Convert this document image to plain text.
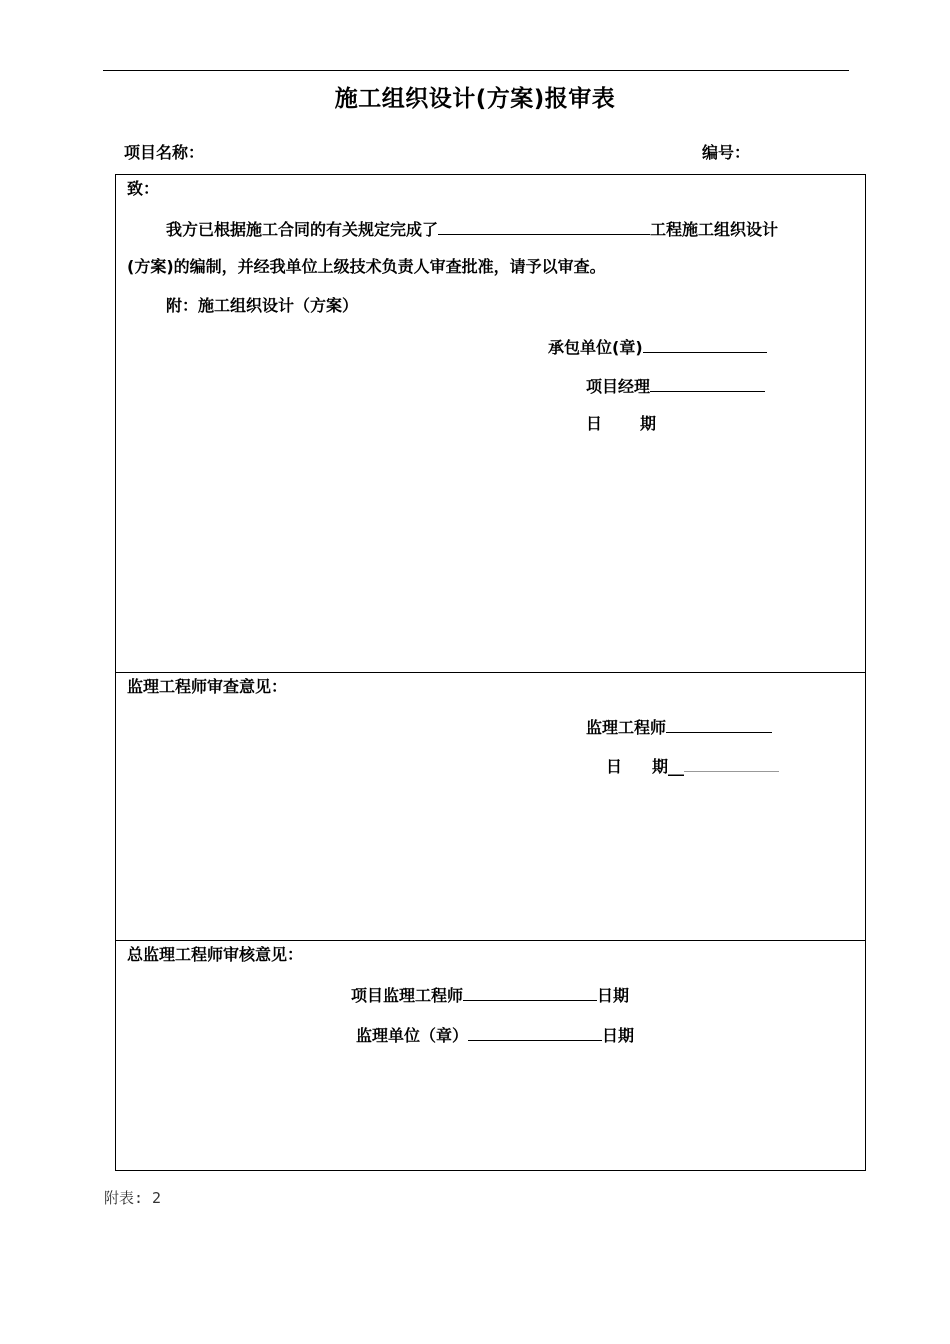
施工组织设计(方案)报审表
项目名称：	编号：
致：
我方已根据施工合同的有关规定完成了	工程施工组织设计
(方案)的编制，并经我单位上级技术负责人审查批准，请予以审查。
附：施工组织设计（方案）
承包单位(章)
项目经理
日 期
监理工程师审查意见：
监理工程师
日 期__
总监理工程师审核意见：
项目监理工程师	日期
监理单位（章）	日期
附表: 2
